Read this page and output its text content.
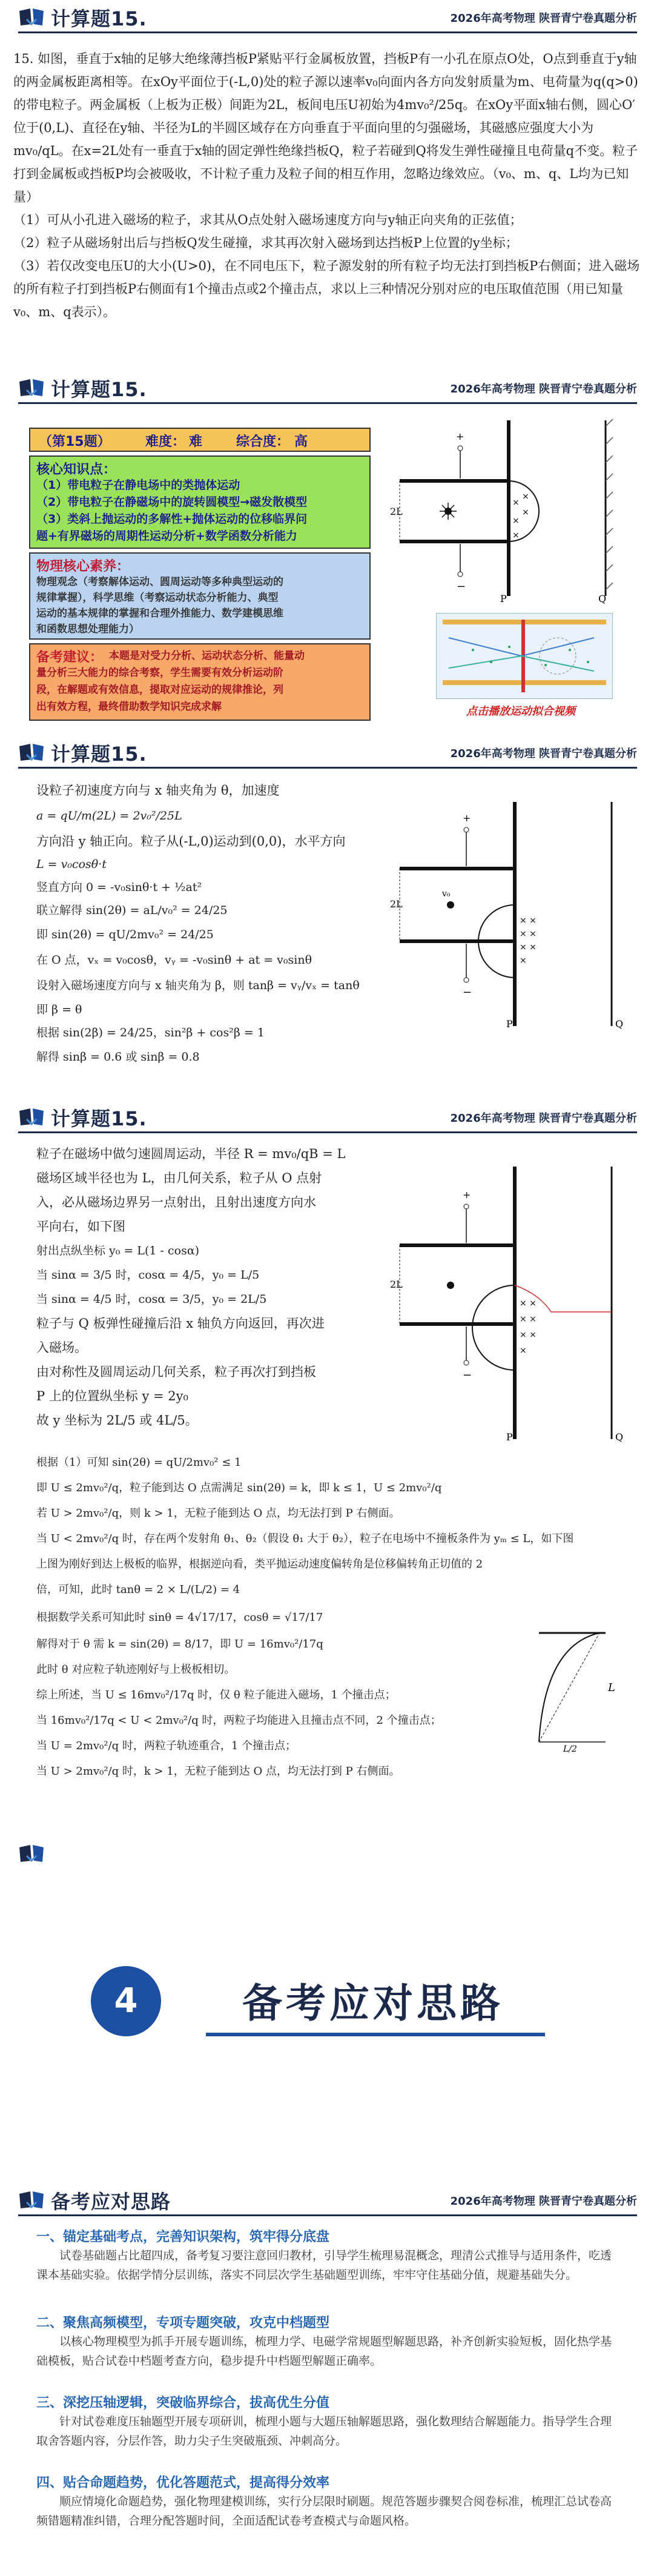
计算题15.	2026年高考物理 陕晋青宁卷真题分析

15. 如图，垂直于x轴的足够大绝缘薄挡板P紧贴平行金属板放置，挡板P有一小孔在原点O处，O点到垂直于y轴的两金属板距离相等。在xOy平面位于(-L,0)处的粒子源以速率v₀向面内各方向发射质量为m、电荷量为q(q>0)的带电粒子。两金属板（上板为正极）间距为2L，板间电压U初始为4mv₀²/25q。在xOy平面x轴右侧，圆心O′位于(0,L)、直径在y轴、半径为L的半圆区域存在方向垂直于平面向里的匀强磁场，其磁感应强度大小为mv₀/qL。在x=2L处有一垂直于x轴的固定弹性绝缘挡板Q，粒子若碰到Q将发生弹性碰撞且电荷量q不变。粒子打到金属板或挡板P均会被吸收，不计粒子重力及粒子间的相互作用，忽略边缘效应。（v₀、m、q、L均为已知量）

（1）可从小孔进入磁场的粒子，求其从O点处射入磁场速度方向与y轴正向夹角的正弦值；

（2）粒子从磁场射出后与挡板Q发生碰撞，求其再次射入磁场到达挡板P上位置的y坐标；

（3）若仅改变电压U的大小(U>0)，在不同电压下，粒子源发射的所有粒子均无法打到挡板P右侧面；进入磁场的所有粒子打到挡板P右侧面有1个撞击点或2个撞击点，求以上三种情况分别对应的电压取值范围（用已知量v₀、m、q表示）。

计算题15.	2026年高考物理 陕晋青宁卷真题分析
（第15题）	难度： 难	综合度： 高
核心知识点：
（1）带电粒子在静电场中的类抛体运动
（2）带电粒子在静磁场中的旋转圆模型→磁发散模型
（3）类斜上抛运动的多解性+抛体运动的位移临界问
题+有界磁场的周期性运动分析+数学函数分析能力
物理核心素养：
物理观念（考察解体运动、圆周运动等多种典型运动的
规律掌握），科学思维（考察运动状态分析能力、典型
运动的基本规律的掌握和合理外推能力、数学建模思维
和函数思想处理能力）
备考建议： 本题是对受力分析、运动状态分析、能量动
量分析三大能力的综合考察，学生需要有效分析运动阶
段，在解题或有效信息，提取对应运动的规律推论，列
出有效方程，最终借助数学知识完成求解
2L
+
−
×
×
×
×
×
P	Q
点击播放运动拟合视频
计算题15.	2026年高考物理 陕晋青宁卷真题分析
设粒子初速度方向与 x 轴夹角为 θ，加速度
a = qU/m(2L) = 2v₀²/25L
方向沿 y 轴正向。粒子从(-L,0)运动到(0,0)，水平方向
L = v₀cosθ·t
竖直方向 0 = -v₀sinθ·t + ½at²
联立解得 sin(2θ) = aL/v₀² = 24/25
即 sin(2θ) = qU/2mv₀² = 24/25
在 O 点，vₓ = v₀cosθ，vᵧ = -v₀sinθ + at = v₀sinθ
设射入磁场速度方向与 x 轴夹角为 β，则 tanβ = vᵧ/vₓ = tanθ
即 β = θ
根据 sin(2β) = 24/25，sin²β + cos²β = 1
解得 sinβ = 0.6 或 sinβ = 0.8
2L
+
−
v₀
× ×
× ×
× ×
×
P	Q
计算题15.	2026年高考物理 陕晋青宁卷真题分析
粒子在磁场中做匀速圆周运动，半径 R = mv₀/qB = L
磁场区域半径也为 L，由几何关系，粒子从 O 点射
入，必从磁场边界另一点射出，且射出速度方向水
平向右，如下图
射出点纵坐标 y₀ = L(1 - cosα)
当 sinα = 3/5 时，cosα = 4/5，y₀ = L/5
当 sinα = 4/5 时，cosα = 3/5，y₀ = 2L/5
粒子与 Q 板弹性碰撞后沿 x 轴负方向返回，再次进
入磁场。
由对称性及圆周运动几何关系，粒子再次打到挡板
P 上的位置纵坐标 y = 2y₀
故 y 坐标为 2L/5 或 4L/5。
2L
+
−
× ×
× ×
× ×
×
P	Q
根据（1）可知 sin(2θ) = qU/2mv₀² ≤ 1
即 U ≤ 2mv₀²/q，粒子能到达 O 点需满足 sin(2θ) = k，即 k ≤ 1，U ≤ 2mv₀²/q
若 U > 2mv₀²/q，则 k > 1，无粒子能到达 O 点，均无法打到 P 右侧面。
当 U < 2mv₀²/q 时，存在两个发射角 θ₁、θ₂（假设 θ₁ 大于 θ₂），粒子在电场中不撞板条件为 yₘ ≤ L，如下图
上图为刚好到达上极板的临界，根据逆向看，类平抛运动速度偏转角是位移偏转角正切值的 2
倍，可知，此时 tanθ = 2 × L/(L/2) = 4
根据数学关系可知此时 sinθ = 4√17/17，cosθ = √17/17
解得对于 θ 需 k = sin(2θ) = 8/17，即 U = 16mv₀²/17q
此时 θ 对应粒子轨迹刚好与上极板相切。
综上所述，当 U ≤ 16mv₀²/17q 时，仅 θ 粒子能进入磁场，1 个撞击点；
当 16mv₀²/17q < U < 2mv₀²/q 时，两粒子均能进入且撞击点不同，2 个撞击点；
当 U = 2mv₀²/q 时，两粒子轨迹重合，1 个撞击点；
当 U > 2mv₀²/q 时，k > 1，无粒子能到达 O 点，均无法打到 P 右侧面。
L
L/2
4	备考应对思路
备考应对思路	2026年高考物理 陕晋青宁卷真题分析
一、锚定基础考点，完善知识架构，筑牢得分底盘
试卷基础题占比超四成，备考复习要注意回归教材，引导学生梳理易混概念，理清公式推导与适用条件，吃透课本基础实验。依据学情分层训练，落实不同层次学生基础题型训练，牢牢守住基础分值，规避基础失分。
二、聚焦高频模型，专项专题突破，攻克中档题型
以核心物理模型为抓手开展专题训练，梳理力学、电磁学常规题型解题思路，补齐创新实验短板，固化热学基础模板，贴合试卷中档题考查方向，稳步提升中档题型解题正确率。
三、深挖压轴逻辑，突破临界综合，拔高优生分值
针对试卷难度压轴题型开展专项研训，梳理小题与大题压轴解题思路，强化数理结合解题能力。指导学生合理取舍答题内容，分层作答，助力尖子生突破瓶颈、冲刺高分。
四、贴合命题趋势，优化答题范式，提高得分效率
顺应情境化命题趋势，强化物理建模训练，实行分层限时刷题。规范答题步骤契合阅卷标准，梳理汇总试卷高频错题精准纠错，合理分配答题时间，全面适配试卷考查模式与命题风格。
